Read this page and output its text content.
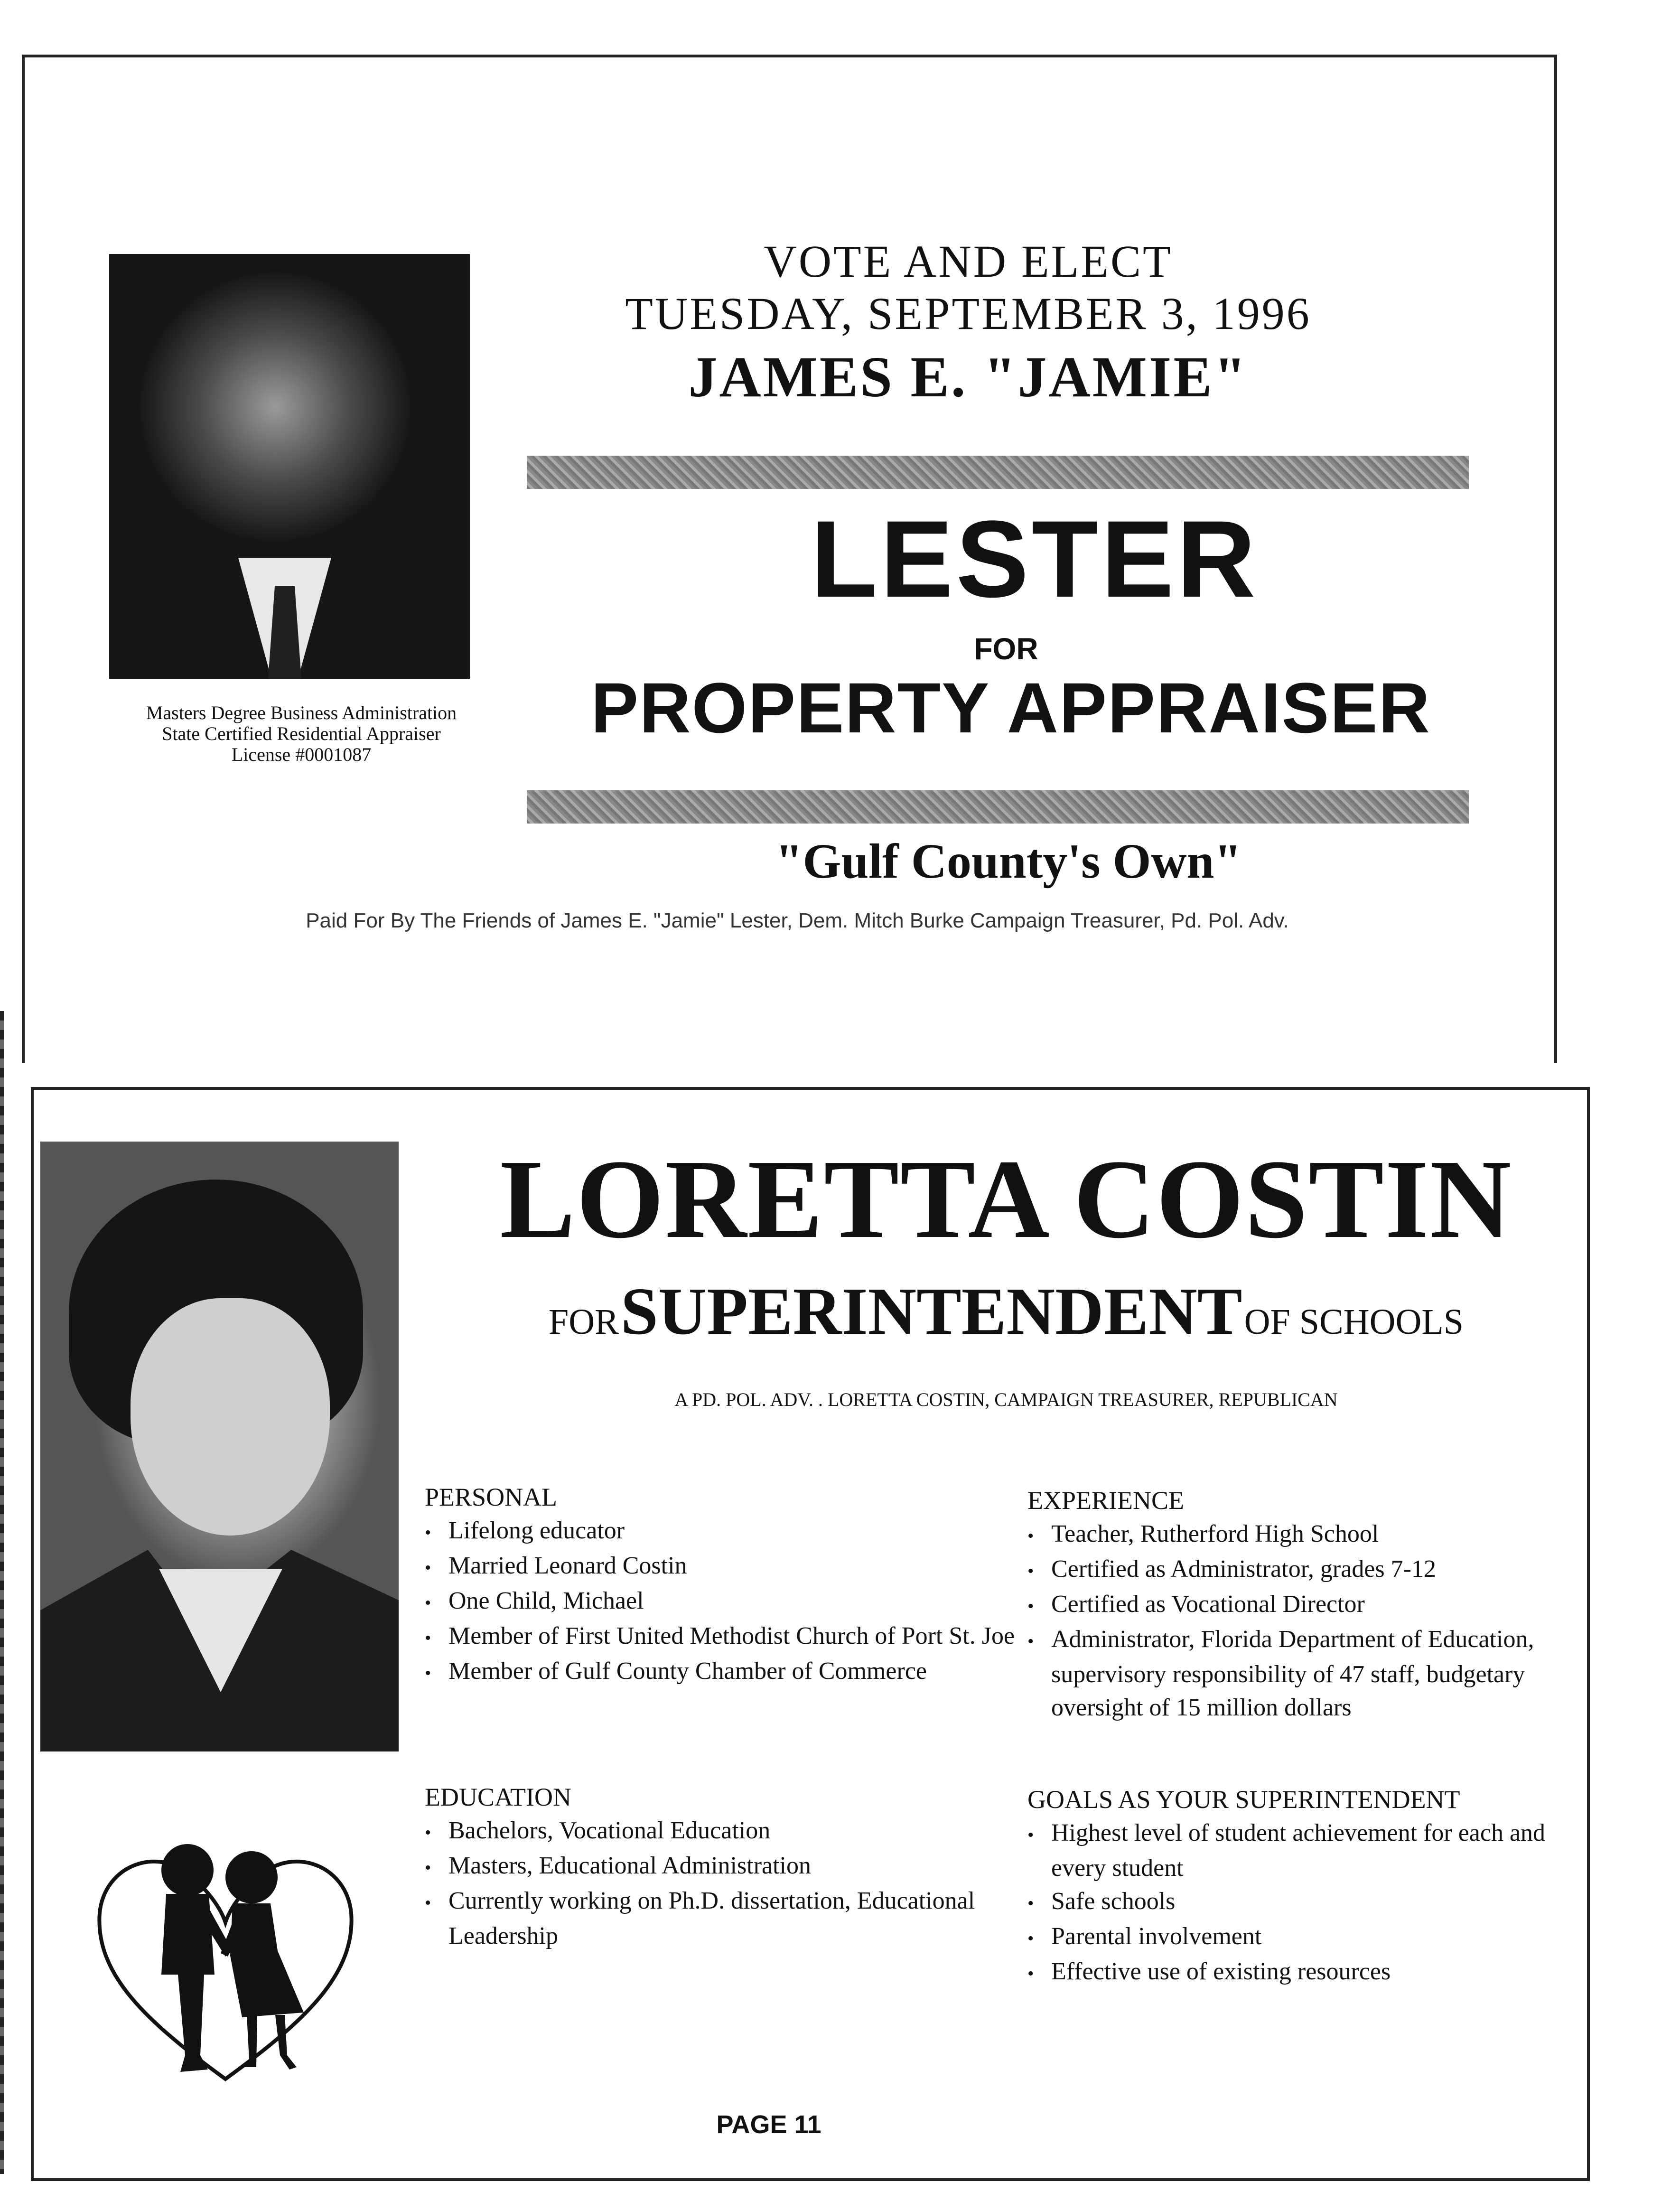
Masters Degree Business Administration
State Certified Residential Appraiser
License #0001087
VOTE AND ELECT
TUESDAY, SEPTEMBER 3, 1996
JAMES E. "JAMIE"
LESTER
FOR
PROPERTY APPRAISER
"Gulf County's Own"
Paid For By The Friends of James E. "Jamie" Lester, Dem. Mitch Burke Campaign Treasurer, Pd. Pol. Adv.
LORETTA COSTIN
FOR SUPERINTENDENT OF SCHOOLS
A PD. POL. ADV. . LORETTA COSTIN, CAMPAIGN TREASURER, REPUBLICAN
PERSONAL
• Lifelong educator
• Married Leonard Costin
• One Child, Michael
• Member of First United Methodist Church of Port St. Joe
• Member of Gulf County Chamber of Commerce
EXPERIENCE
• Teacher, Rutherford High School
• Certified as Administrator, grades 7-12
• Certified as Vocational Director
• Administrator, Florida Department of Education, supervisory responsibility of 47 staff, budgetary oversight of 15 million dollars
EDUCATION
• Bachelors, Vocational Education
• Masters, Educational Administration
• Currently working on Ph.D. dissertation, Educational Leadership
GOALS AS YOUR SUPERINTENDENT
• Highest level of student achievement for each and every student
• Safe schools
• Parental involvement
• Effective use of existing resources
PAGE 11
